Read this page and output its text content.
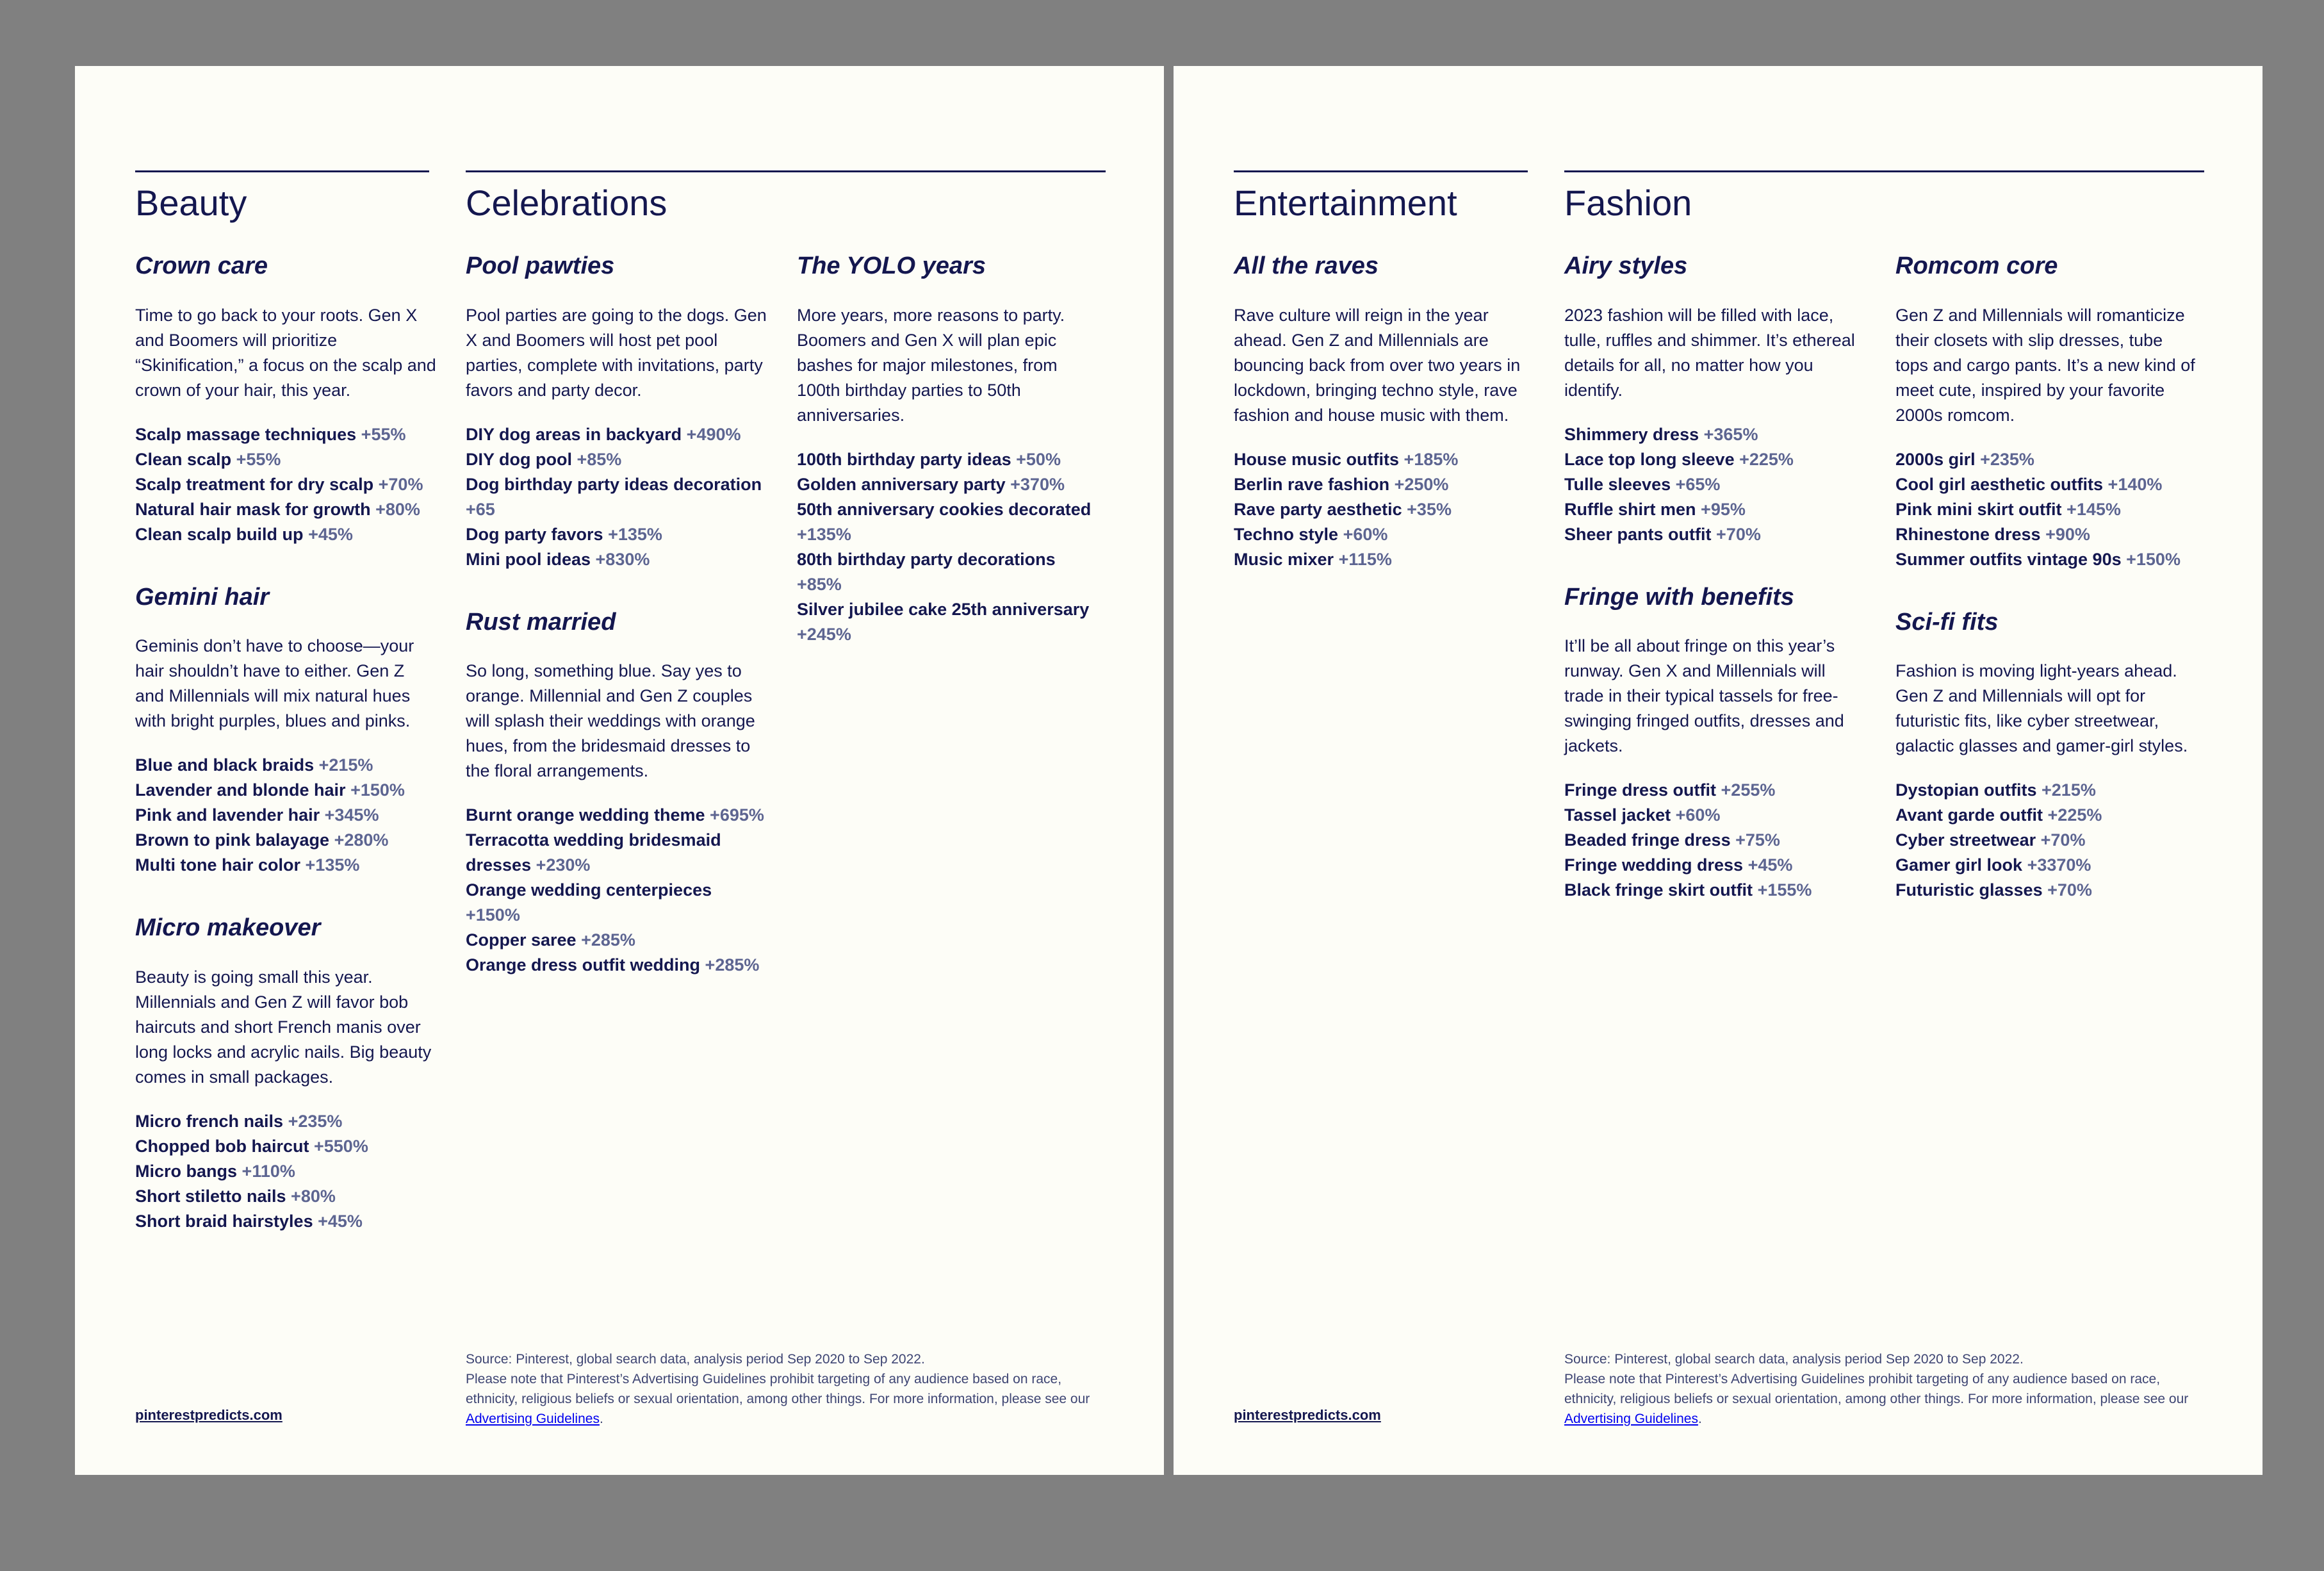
Beauty	Celebrations
Crown care

Time to go back to your roots. Gen X and Boomers will prioritize “Skinification,” a focus on the scalp and crown of your hair, this year.

Scalp massage techniques +55%
Clean scalp +55%
Scalp treatment for dry scalp +70%
Natural hair mask for growth +80%
Clean scalp build up +45%
Gemini hair

Geminis don’t have to choose—your hair shouldn’t have to either. Gen Z and Millennials will mix natural hues with bright purples, blues and pinks.

Blue and black braids +215%
Lavender and blonde hair +150%
Pink and lavender hair +345%
Brown to pink balayage +280%
Multi tone hair color +135%
Micro makeover

Beauty is going small this year. Millennials and Gen Z will favor bob haircuts and short French manis over long locks and acrylic nails. Big beauty comes in small packages.

Micro french nails +235%
Chopped bob haircut +550%
Micro bangs +110%
Short stiletto nails +80%
Short braid hairstyles +45%
Pool pawties

Pool parties are going to the dogs. Gen X and Boomers will host pet pool parties, complete with invitations, party favors and party decor.

DIY dog areas in backyard +490%
DIY dog pool +85%
Dog birthday party ideas decoration +65
Dog party favors +135%
Mini pool ideas +830%
Rust married

So long, something blue. Say yes to orange. Millennial and Gen Z couples will splash their weddings with orange hues, from the bridesmaid dresses to the floral arrangements.

Burnt orange wedding theme +695%
Terracotta wedding bridesmaid dresses +230%
Orange wedding centerpieces +150%
Copper saree +285%
Orange dress outfit wedding +285%
The YOLO years

More years, more reasons to party. Boomers and Gen X will plan epic bashes for major milestones, from 100th birthday parties to 50th anniversaries.

100th birthday party ideas +50%
Golden anniversary party +370%
50th anniversary cookies decorated +135%
80th birthday party decorations +85%
Silver jubilee cake 25th anniversary +245%
pinterestpredicts.com

Source: Pinterest, global search data, analysis period Sep 2020 to Sep 2022.

Please note that Pinterest’s Advertising Guidelines prohibit targeting of any audience based on race, ethnicity, religious beliefs or sexual orientation, among other things. For more information, please see our Advertising Guidelines.

Entertainment	Fashion
All the raves

Rave culture will reign in the year ahead. Gen Z and Millennials are bouncing back from over two years in lockdown, bringing techno style, rave fashion and house music with them.

House music outfits +185%
Berlin rave fashion +250%
Rave party aesthetic +35%
Techno style +60%
Music mixer +115%
Airy styles

2023 fashion will be filled with lace, tulle, ruffles and shimmer. It’s ethereal details for all, no matter how you identify.

Shimmery dress +365%
Lace top long sleeve +225%
Tulle sleeves +65%
Ruffle shirt men +95%
Sheer pants outfit +70%
Fringe with benefits

It’ll be all about fringe on this year’s runway. Gen X and Millennials will trade in their typical tassels for free-swinging fringed outfits, dresses and jackets.

Fringe dress outfit +255%
Tassel jacket +60%
Beaded fringe dress +75%
Fringe wedding dress +45%
Black fringe skirt outfit +155%
Romcom core

Gen Z and Millennials will romanticize their closets with slip dresses, tube tops and cargo pants. It’s a new kind of meet cute, inspired by your favorite 2000s romcom.

2000s girl +235%
Cool girl aesthetic outfits +140%
Pink mini skirt outfit +145%
Rhinestone dress +90%
Summer outfits vintage 90s +150%
Sci-fi fits

Fashion is moving light-years ahead. Gen Z and Millennials will opt for futuristic fits, like cyber streetwear, galactic glasses and gamer-girl styles.

Dystopian outfits +215%
Avant garde outfit +225%
Cyber streetwear +70%
Gamer girl look +3370%
Futuristic glasses +70%
pinterestpredicts.com

Source: Pinterest, global search data, analysis period Sep 2020 to Sep 2022.

Please note that Pinterest’s Advertising Guidelines prohibit targeting of any audience based on race, ethnicity, religious beliefs or sexual orientation, among other things. For more information, please see our Advertising Guidelines.
